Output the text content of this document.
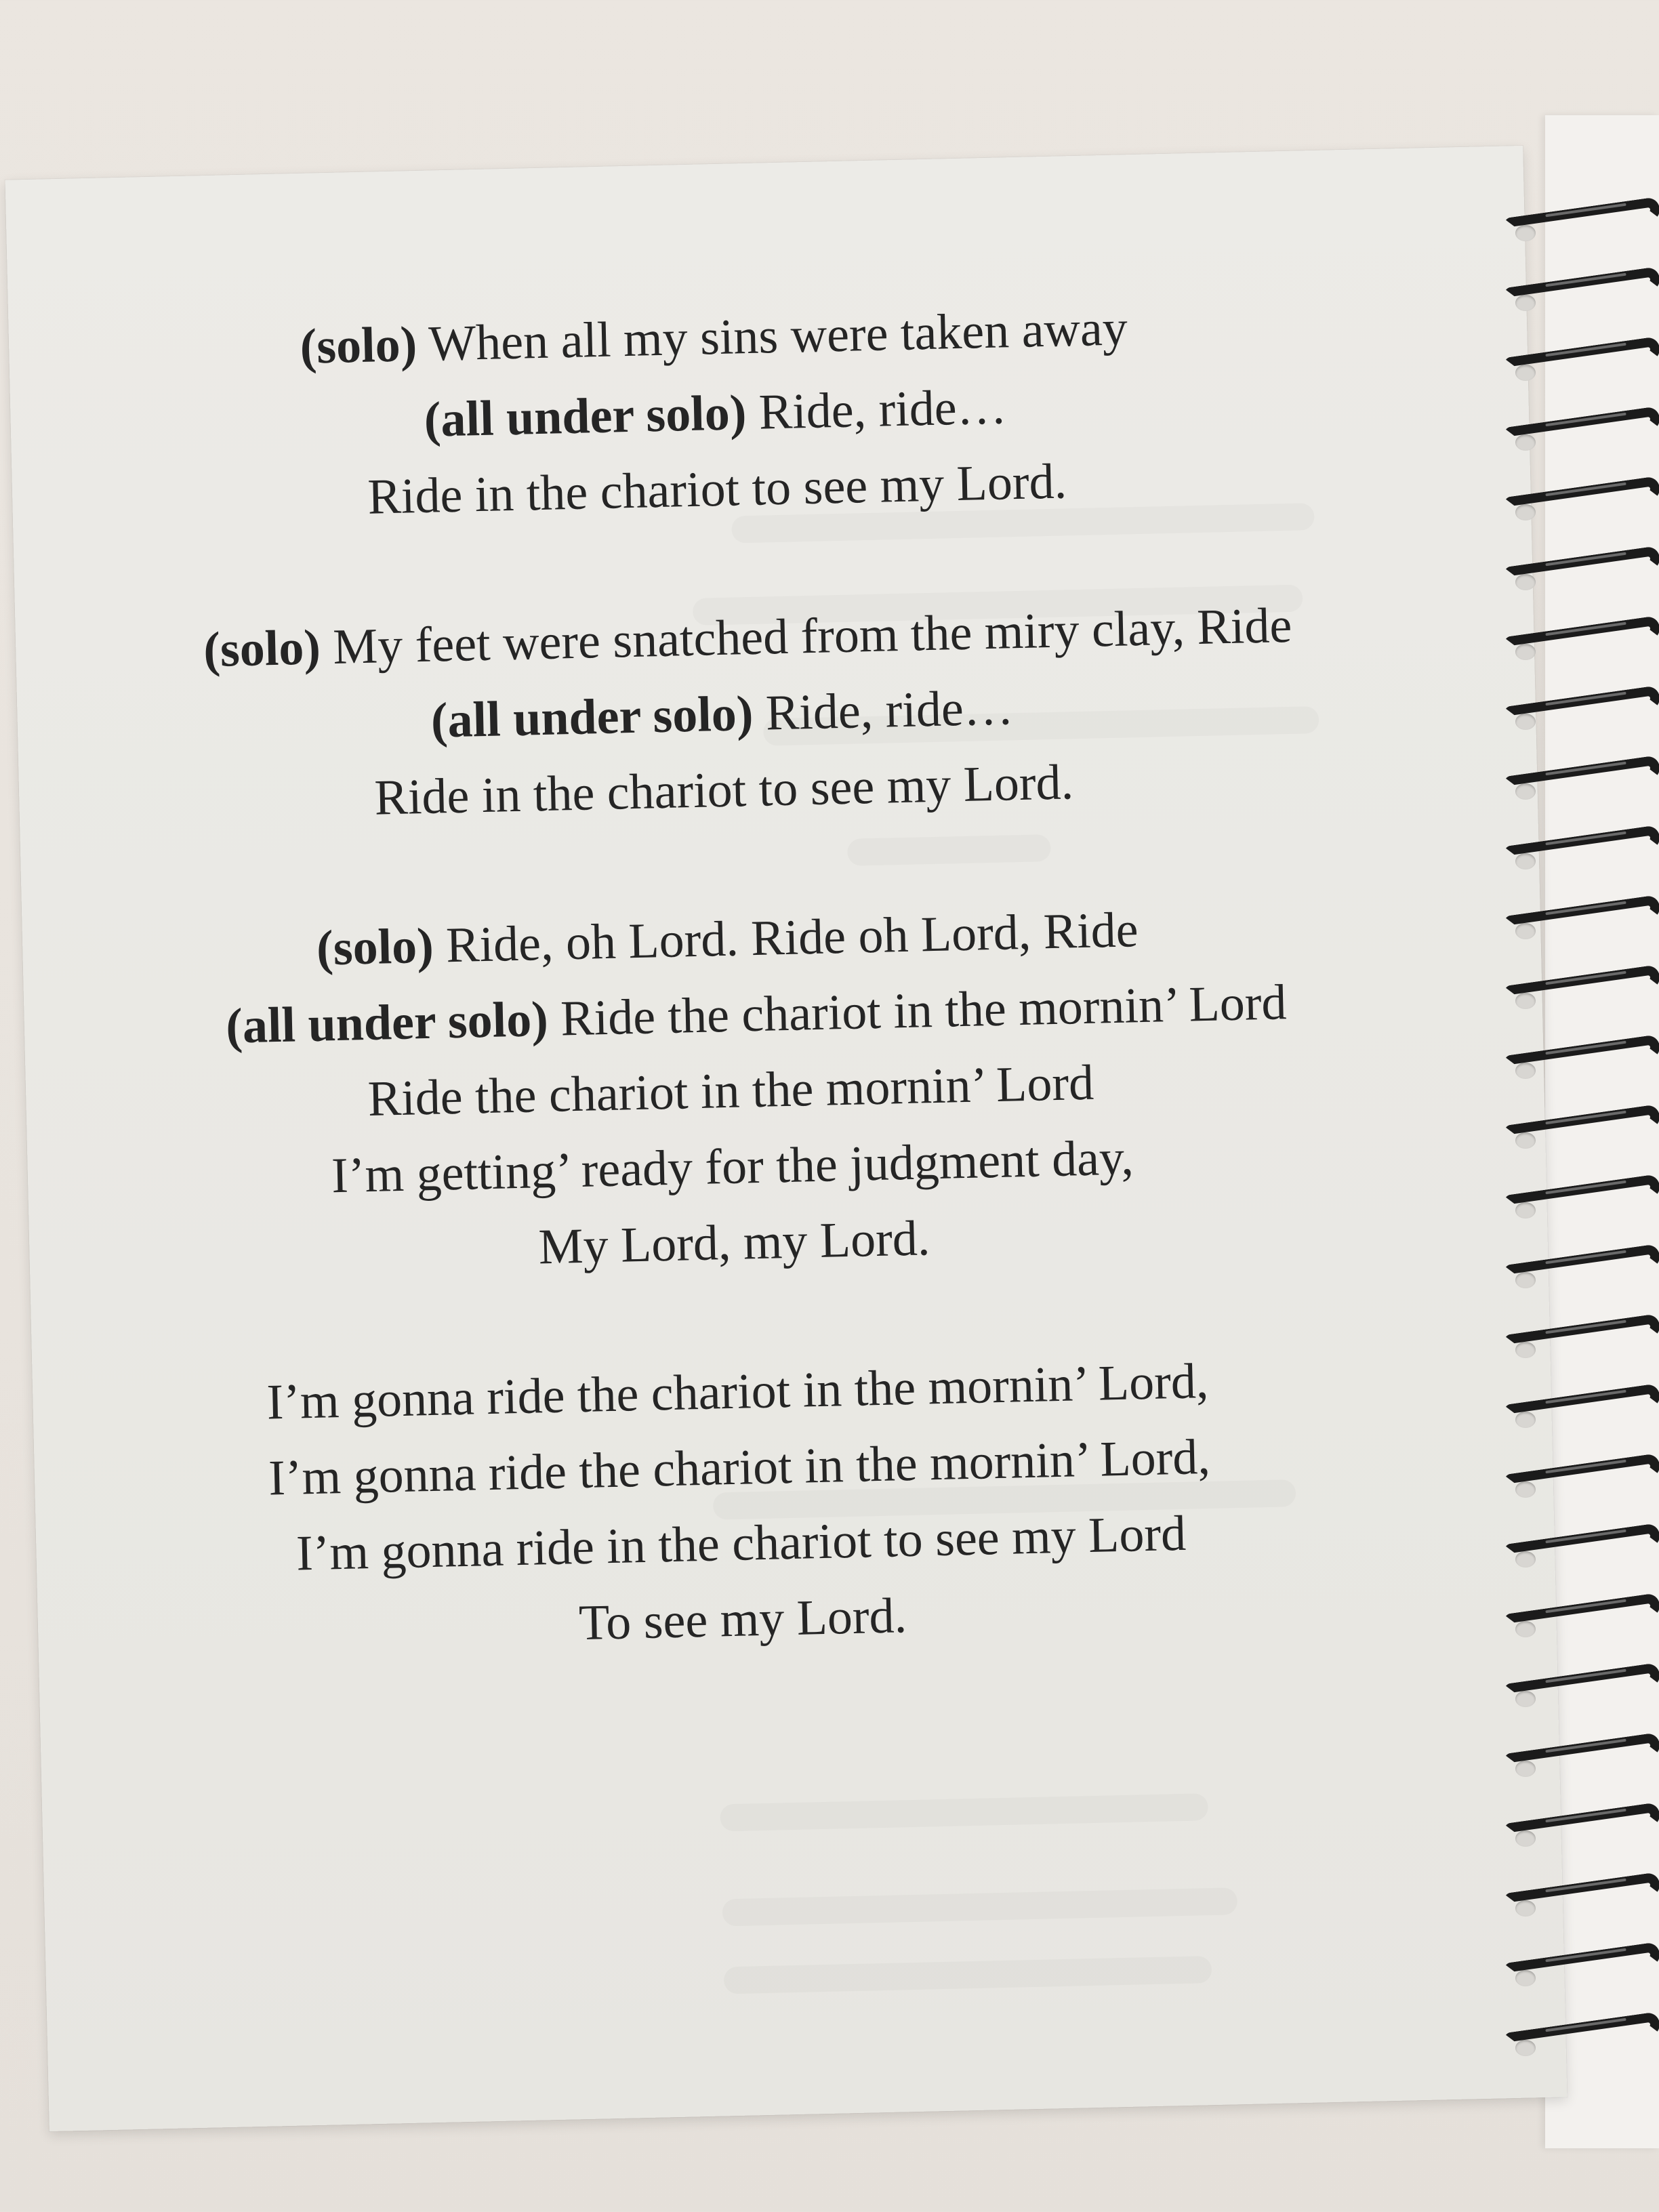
(solo) When all my sins were taken away
(all under solo) Ride, ride…
Ride in the chariot to see my Lord.
(solo) My feet were snatched from the miry clay, Ride
(all under solo) Ride, ride…
Ride in the chariot to see my Lord.
(solo) Ride, oh Lord. Ride oh Lord, Ride
(all under solo) Ride the chariot in the mornin’ Lord
Ride the chariot in the mornin’ Lord
I’m getting’ ready for the judgment day,
My Lord, my Lord.
I’m gonna ride the chariot in the mornin’ Lord,
I’m gonna ride the chariot in the mornin’ Lord,
I’m gonna ride in the chariot to see my Lord
To see my Lord.
